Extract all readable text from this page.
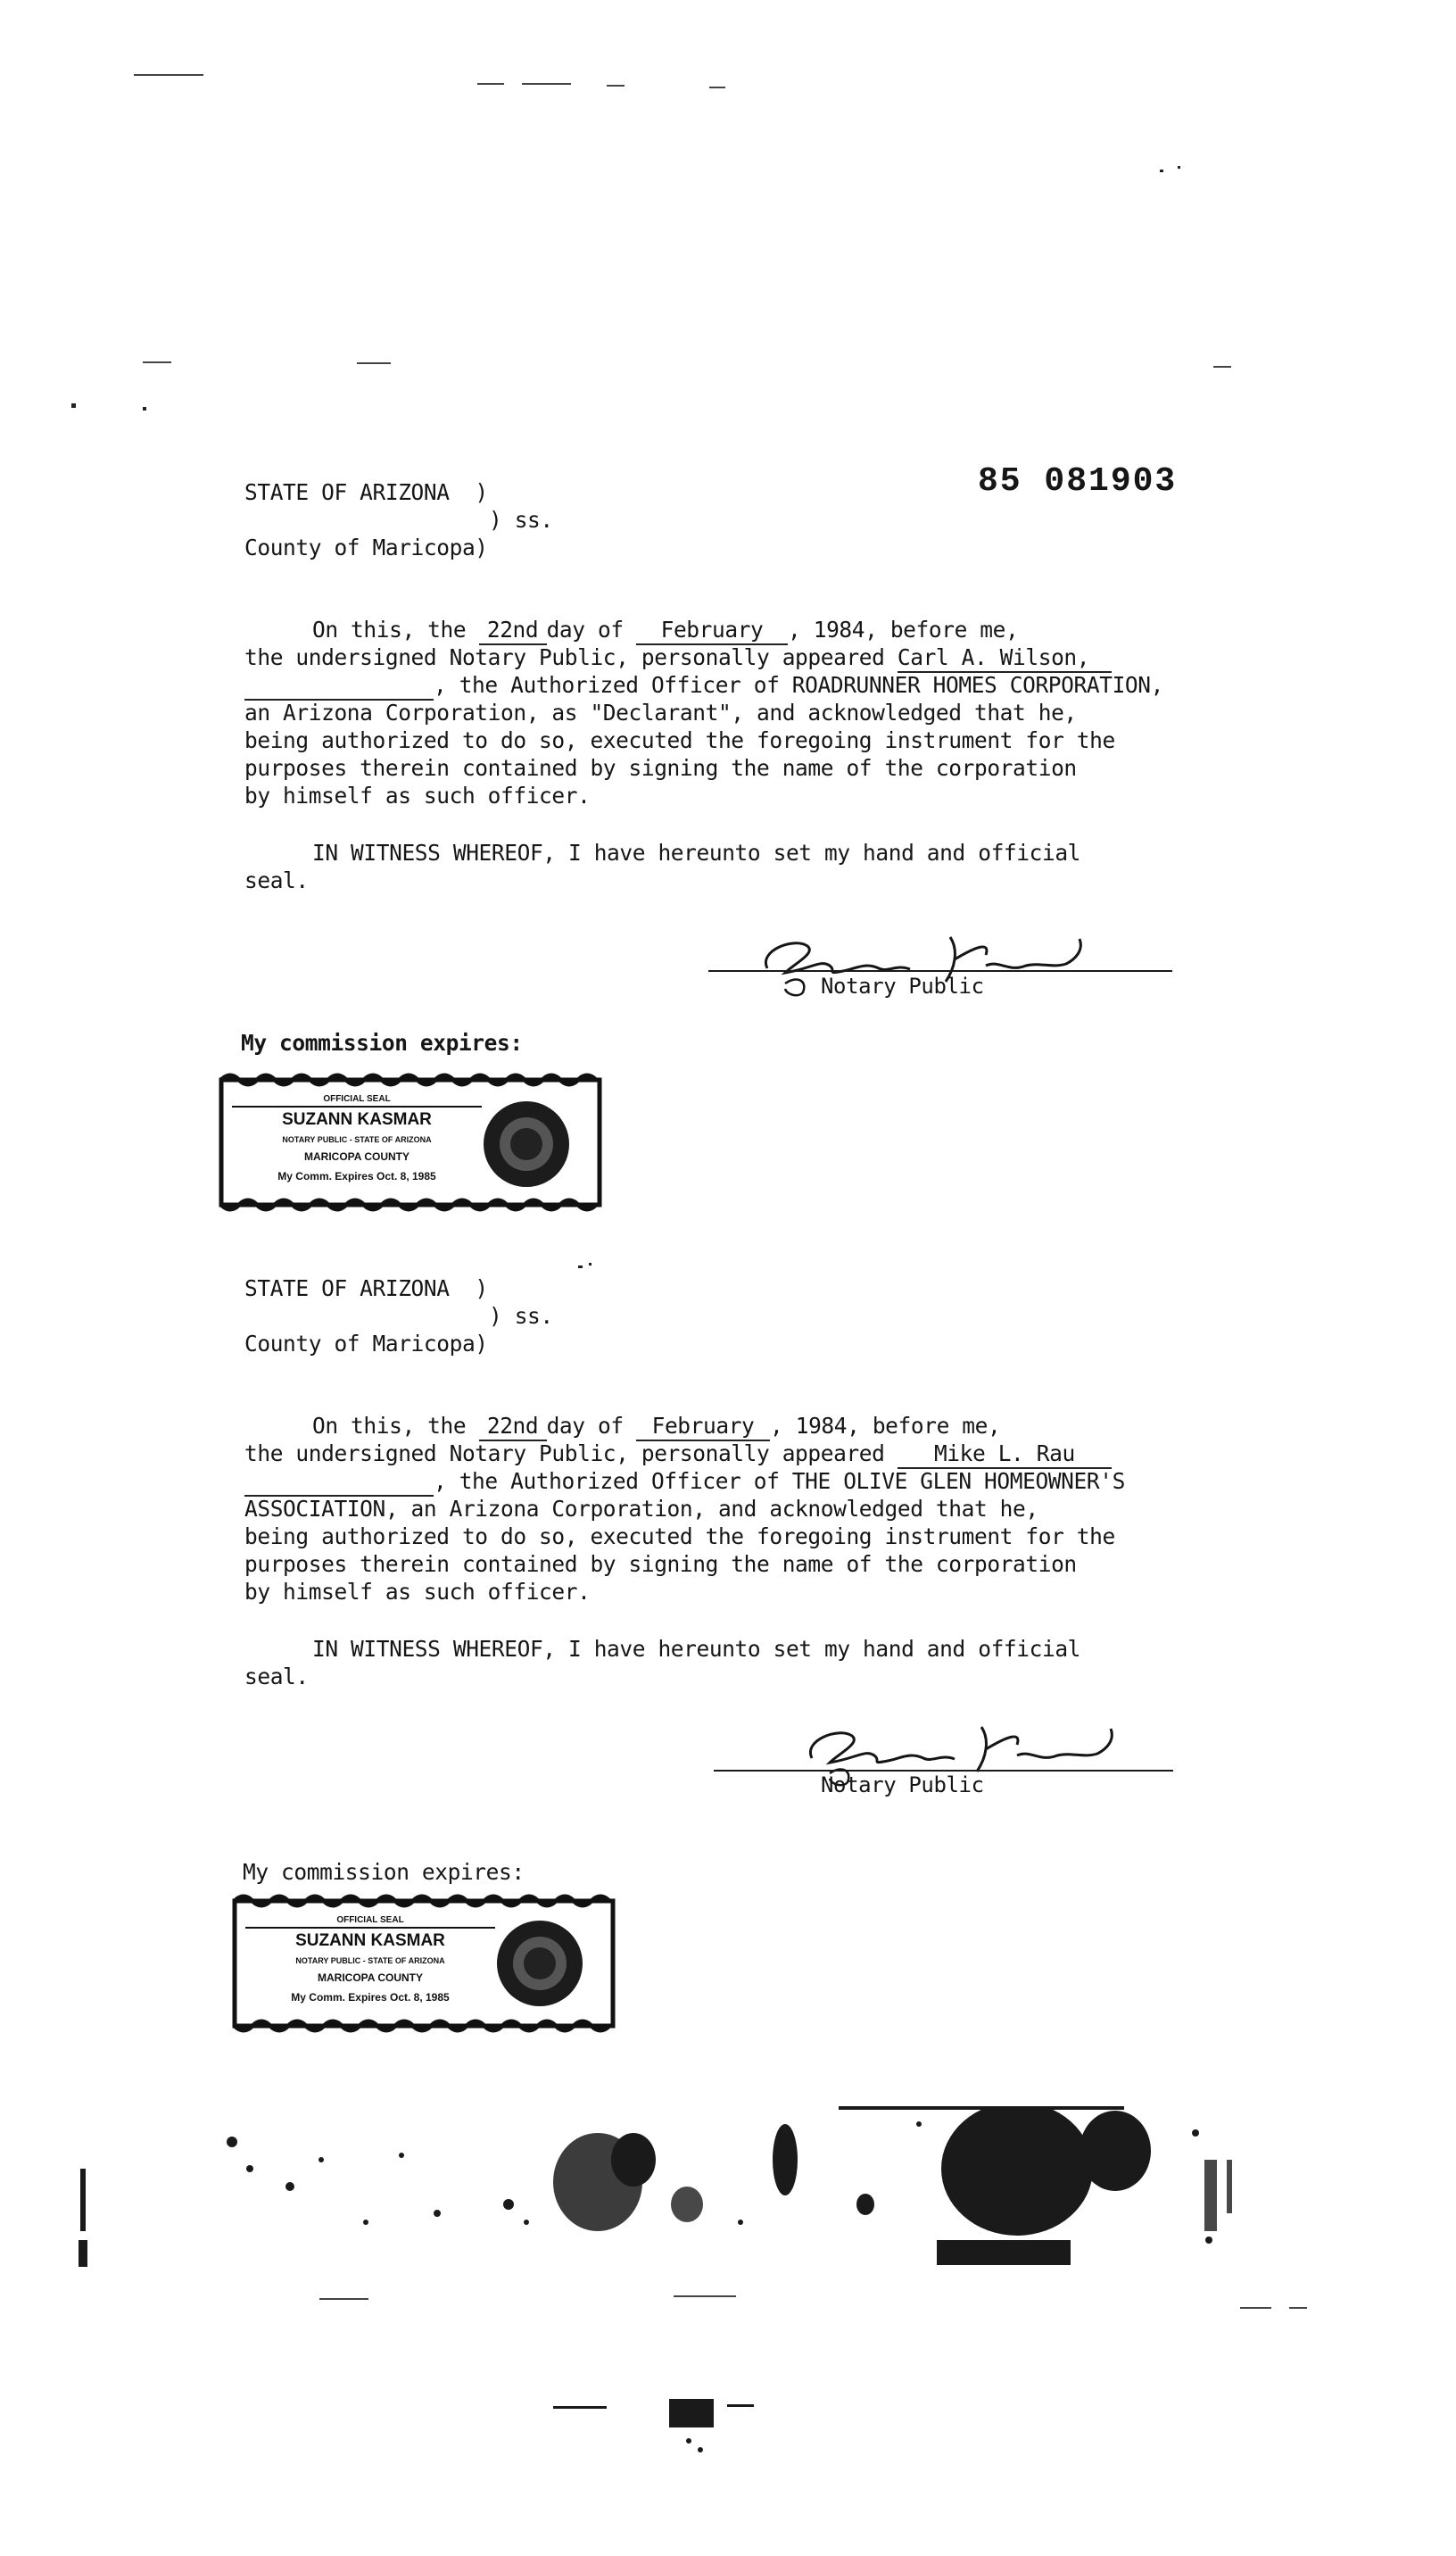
85 081903
STATE OF ARIZONA )
) ss.
County of Maricopa)
On this, the 22nd day of February , 1984, before me,
the undersigned Notary Public, personally appeared Carl A. Wilson,
, the Authorized Officer of ROADRUNNER HOMES CORPORATION,
an Arizona Corporation, as "Declarant", and acknowledged that he,
being authorized to do so, executed the foregoing instrument for the
purposes therein contained by signing the name of the corporation
by himself as such officer.
IN WITNESS WHEREOF, I have hereunto set my hand and official
seal.
Notary Public
My commission expires:
OFFICIAL SEAL
SUZANN KASMAR
NOTARY PUBLIC - STATE OF ARIZONA
MARICOPA COUNTY
My Comm. Expires Oct. 8, 1985
STATE OF ARIZONA )
) ss.
County of Maricopa)
On this, the 22nd day of February , 1984, before me,
the undersigned Notary Public, personally appeared Mike L. Rau
, the Authorized Officer of THE OLIVE GLEN HOMEOWNER'S
ASSOCIATION, an Arizona Corporation, and acknowledged that he,
being authorized to do so, executed the foregoing instrument for the
purposes therein contained by signing the name of the corporation
by himself as such officer.
IN WITNESS WHEREOF, I have hereunto set my hand and official
seal.
Notary Public
My commission expires:
OFFICIAL SEAL
SUZANN KASMAR
NOTARY PUBLIC - STATE OF ARIZONA
MARICOPA COUNTY
My Comm. Expires Oct. 8, 1985
